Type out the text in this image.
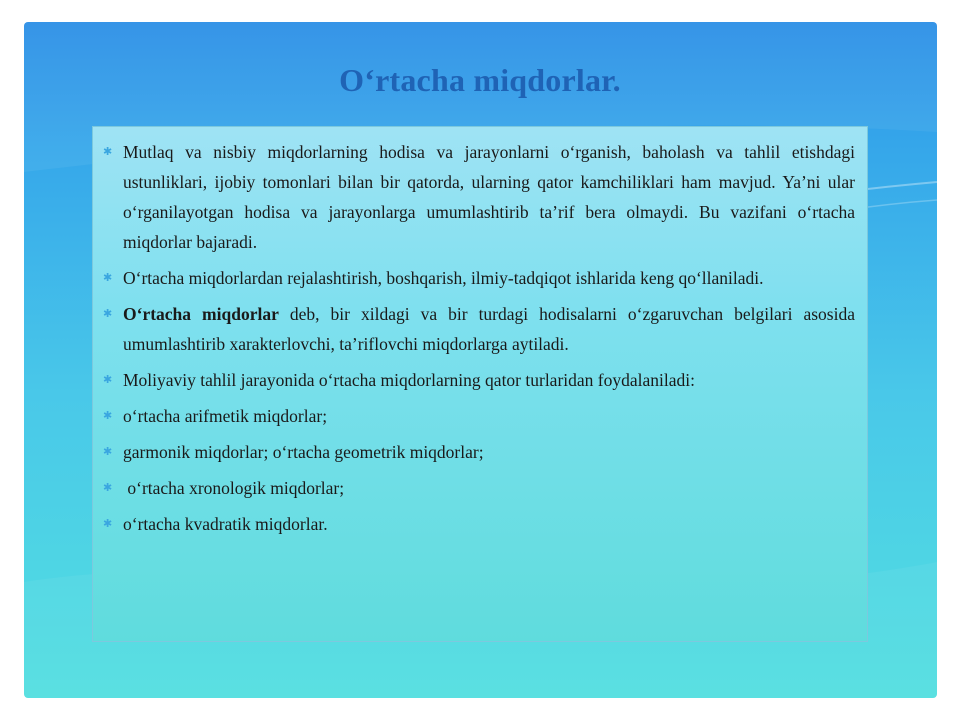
O‘rtacha miqdorlar.
✱ Mutlaq va nisbiy miqdorlarning hodisa va jarayonlarni o‘rganish, baholash va tahlil etishdagi ustunliklari, ijobiy tomonlari bilan bir qatorda, ularning qator kamchiliklari ham mavjud. Ya’ni ular o‘rganilayotgan hodisa va jarayonlarga umumlashtirib ta’rif bera olmaydi. Bu vazifani o‘rtacha miqdorlar bajaradi.
✱ O‘rtacha miqdorlardan rejalashtirish, boshqarish, ilmiy-tadqiqot ishlarida keng qo‘llaniladi.
✱ O‘rtacha miqdorlar deb, bir xildagi va bir turdagi hodisalarni o‘zgaruvchan belgilari asosida umumlashtirib xarakterlovchi, ta’riflovchi miqdorlarga aytiladi.
✱ Moliyaviy tahlil jarayonida o‘rtacha miqdorlarning qator turlaridan foydalaniladi:
✱ o‘rtacha arifmetik miqdorlar;
✱ garmonik miqdorlar; o‘rtacha geometrik miqdorlar;
✱ o‘rtacha xronologik miqdorlar;
✱ o‘rtacha kvadratik miqdorlar.
